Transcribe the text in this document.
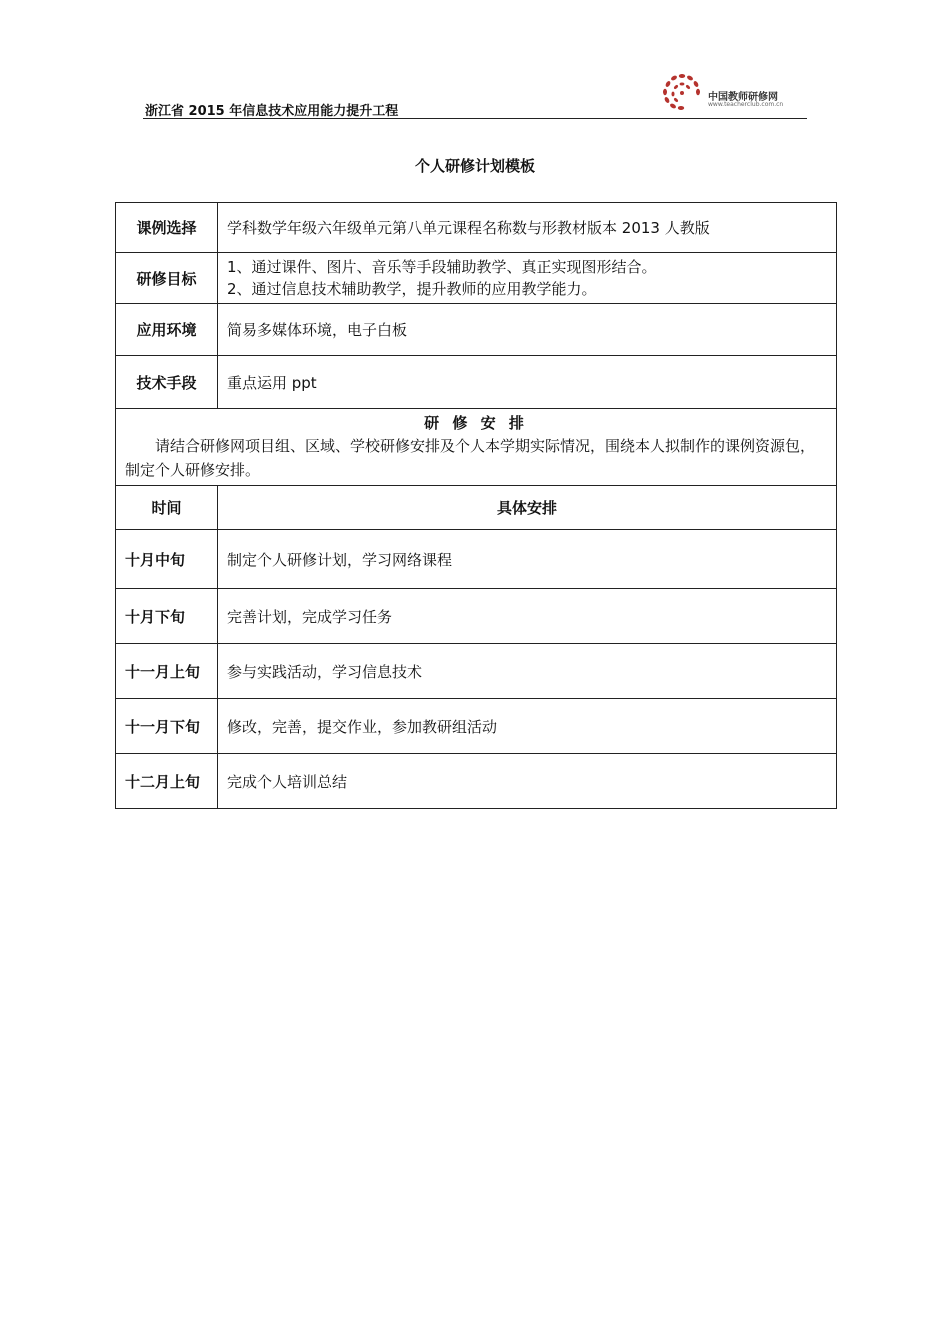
浙江省 2015 年信息技术应用能力提升工程
中国教师研修网
www.teacherclub.com.cn
个人研修计划模板
课例选择	学科数学年级六年级单元第八单元课程名称数与形教材版本 2013 人教版
研修目标	1、通过课件、图片、音乐等手段辅助教学、真正实现图形结合。
2、通过信息技术辅助教学，提升教师的应用教学能力。

应用环境	简易多媒体环境，电子白板
技术手段	重点运用 ppt

研 修 安 排
请结合研修网项目组、区域、学校研修安排及个人本学期实际情况，围绕本人拟制作的课例资源包，制定个人研修安排。	

时间	具体安排
十月中旬	制定个人研修计划，学习网络课程
十月下旬	完善计划，完成学习任务
十一月上旬	参与实践活动，学习信息技术
十一月下旬	修改，完善，提交作业，参加教研组活动
十二月上旬	完成个人培训总结
